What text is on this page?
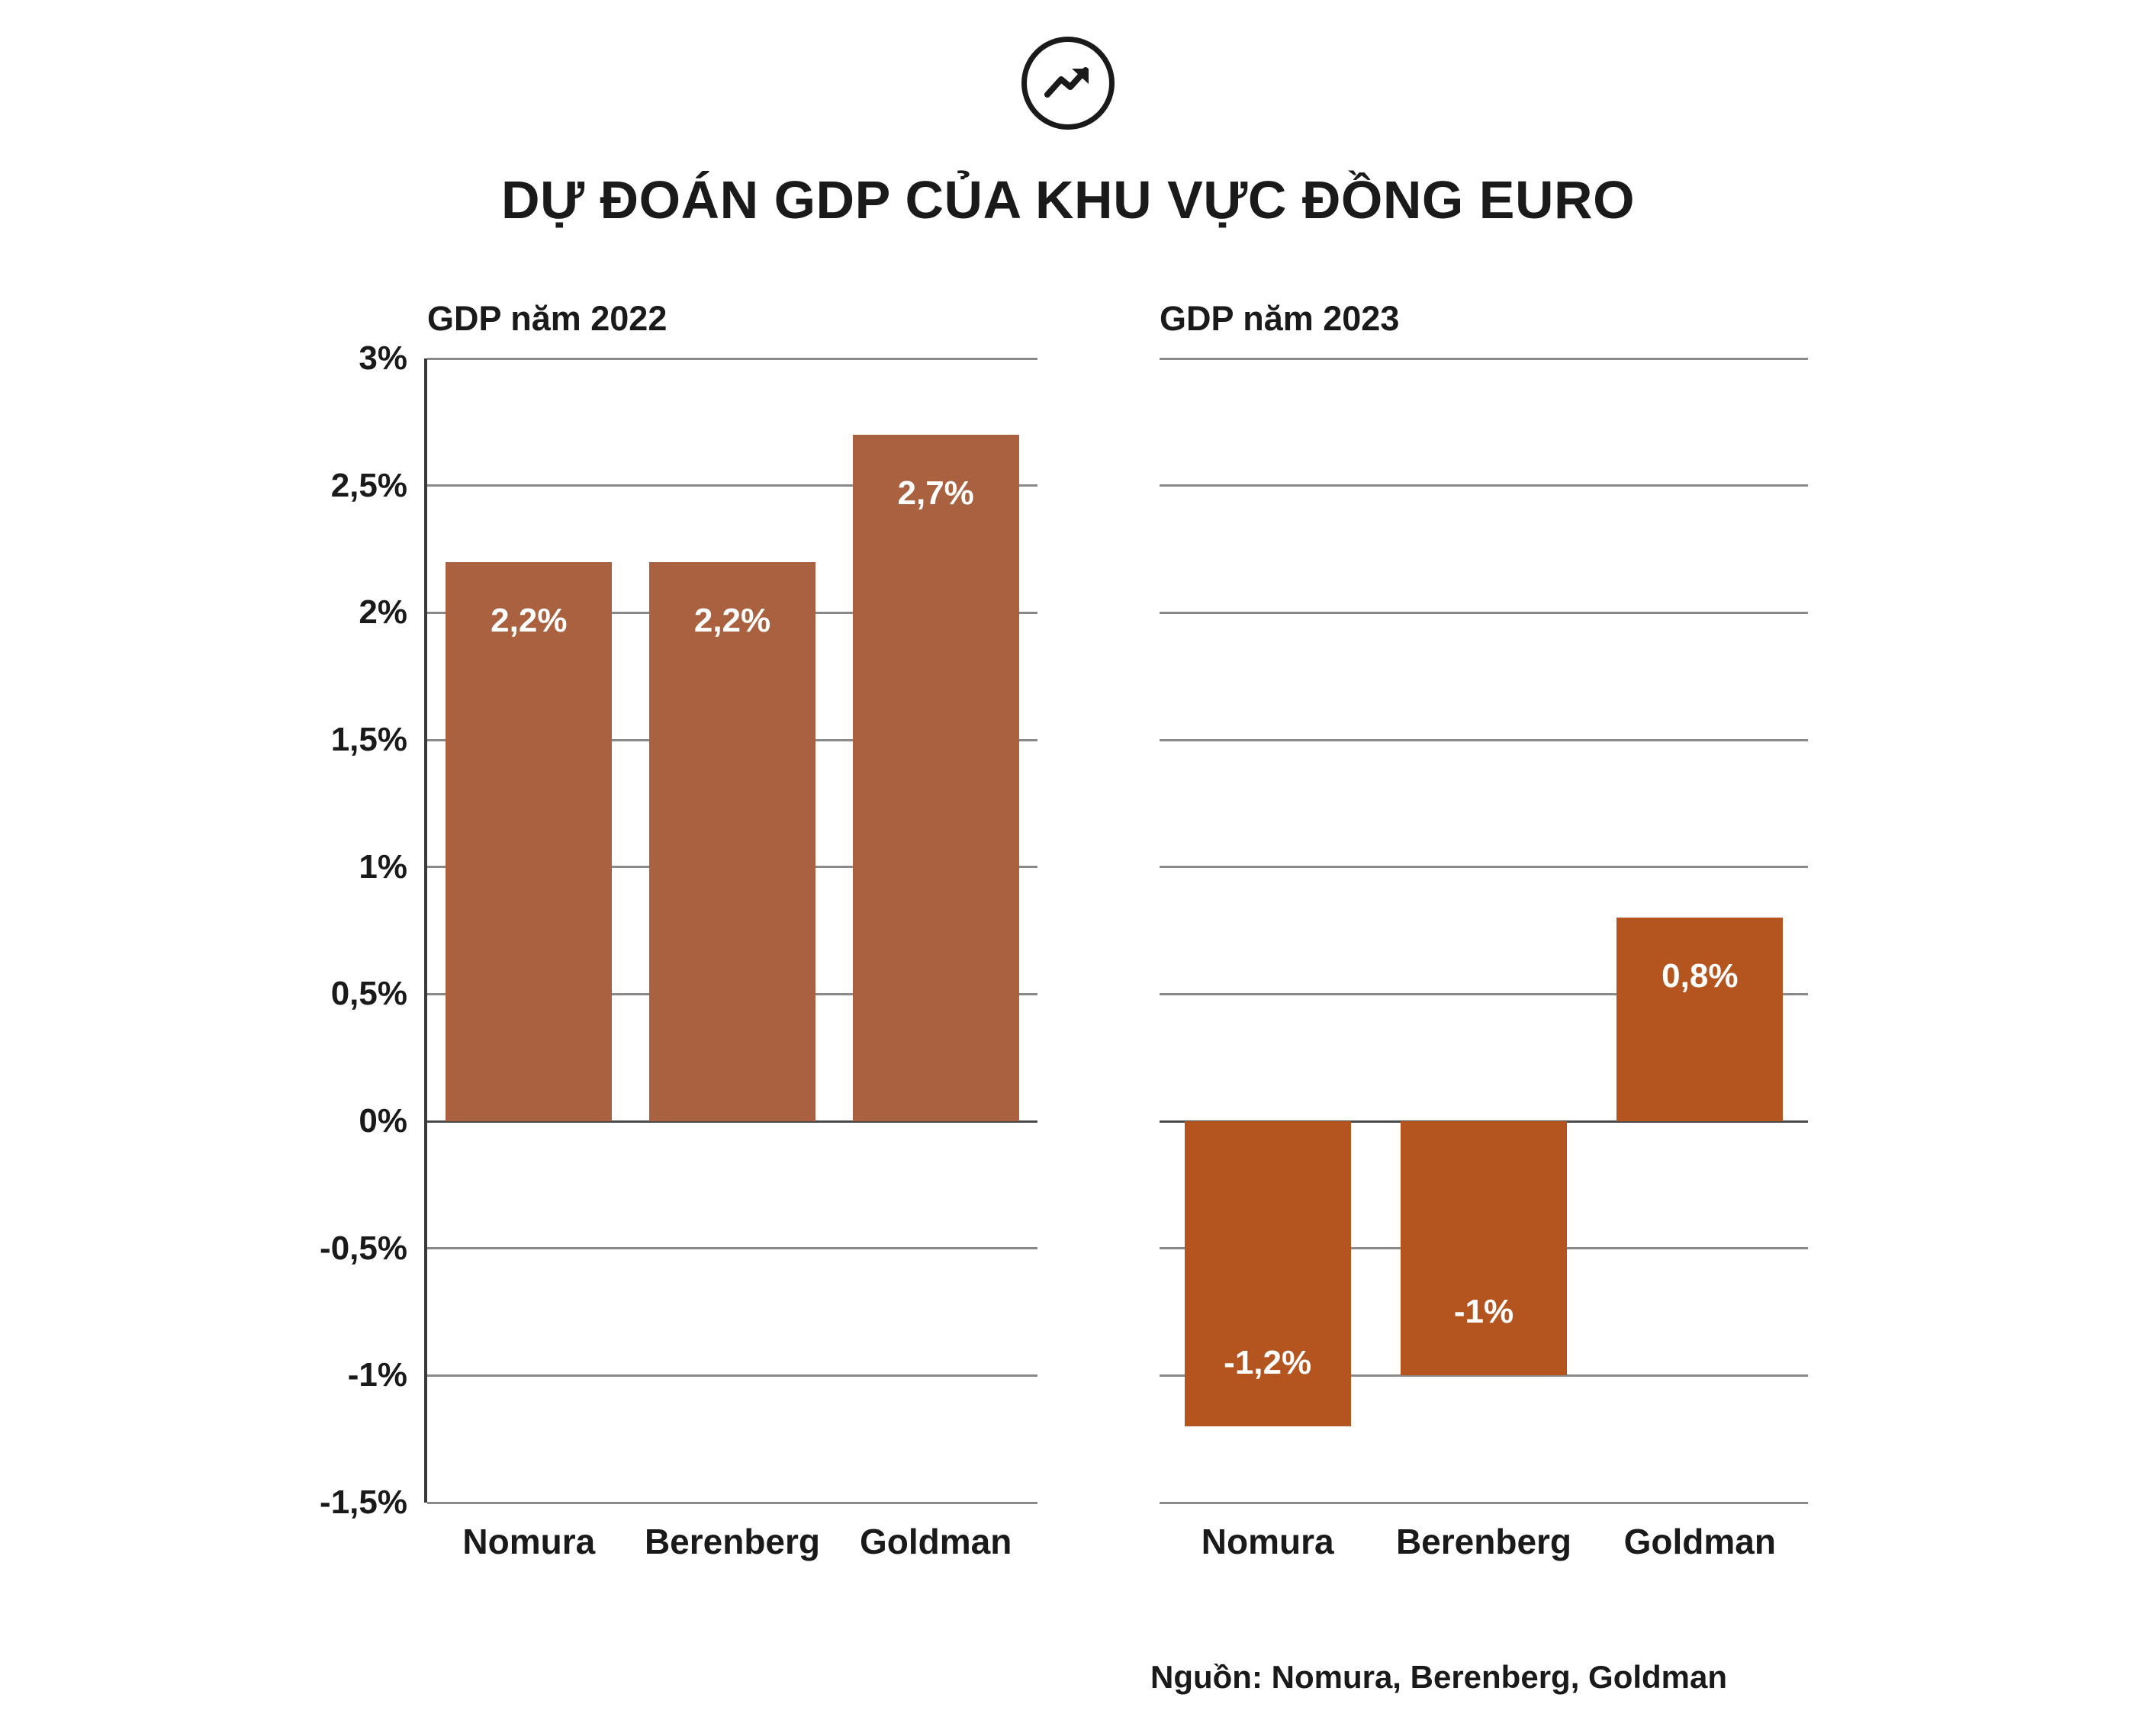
DỰ ĐOÁN GDP CỦA KHU VỰC ĐỒNG EURO
GDP năm 2022
3%
2,5%
2%
1,5%
1%
0,5%
0%
-0,5%
-1%
-1,5%
2,2%
Nomura
2,2%
Berenberg
2,7%
Goldman
GDP năm 2023
-1,2%
Nomura
-1%
Berenberg
0,8%
Goldman
Nguồn: Nomura, Berenberg, Goldman
